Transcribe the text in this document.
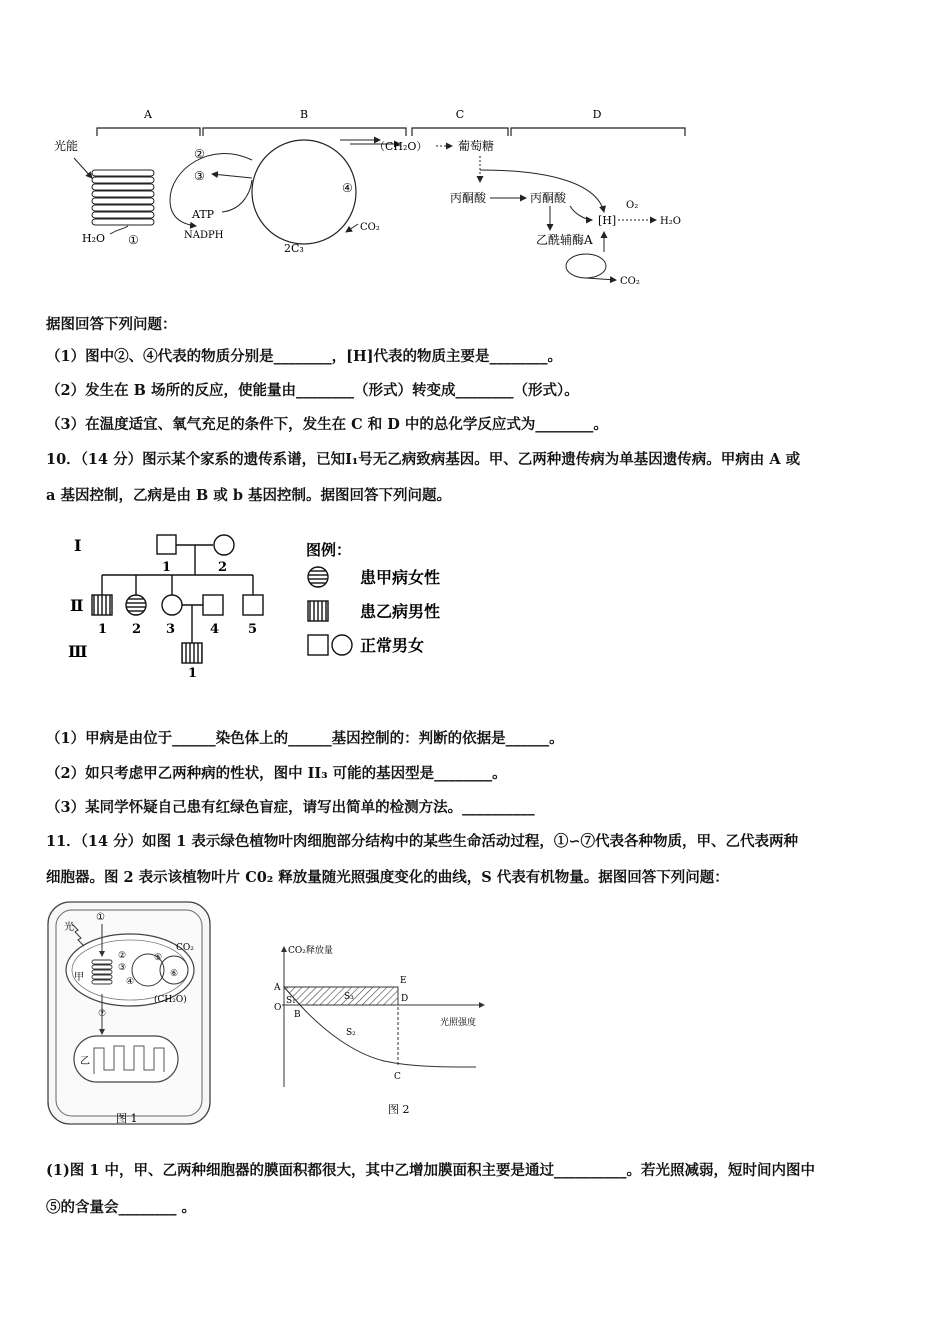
A	B	C	D
光能
H₂O ①
②
③
ATP
NADPH
④
CO₂
2C₃
（CH₂O）	葡萄糖
丙酮酸	丙酮酸
[H]
O₂
H₂O
乙酰辅酶A
CO₂
据图回答下列问题：
（1）图中②、④代表的物质分别是________，[H]代表的物质主要是________。
（2）发生在 B 场所的反应，使能量由________（形式）转变成________（形式）。
（3）在温度适宜、氧气充足的条件下，发生在 C 和 D 中的总化学反应式为________。
10．（14 分）图示某个家系的遗传系谱，已知Ⅰ₁号无乙病致病基因。甲、乙两种遗传病为单基因遗传病。甲病由 A 或
a 基因控制，乙病是由 B 或 b 基因控制。据图回答下列问题。
Ⅰ
Ⅱ
Ⅲ
1	2
1 2 3	4 5
1
图例：
患甲病女性
患乙病男性
正常男女
（1）甲病是由位于______染色体上的______基因控制的：判断的依据是______。
（2）如只考虑甲乙两种病的性状，图中 II₃ 可能的基因型是________。
（3）某同学怀疑自己患有红绿色盲症，请写出简单的检测方法。__________
11．（14 分）如图 1 表示绿色植物叶肉细胞部分结构中的某些生命活动过程，①∽⑦代表各种物质，甲、乙代表两种
细胞器。图 2 表示该植物叶片 C0₂ 释放量随光照强度变化的曲线，S 代表有机物量。据图回答下列问题：
光
甲
①
②
③
④
⑤
⑥
CO₂
(CH₂O)
⑦
乙
图 1
CO₂释放量
光照强度
A
O
B
E
D
C
S₁
S₂
S₃
图 2
(1)图 1 中，甲、乙两种细胞器的膜面积都很大，其中乙增加膜面积主要是通过__________。若光照减弱，短时间内图中
⑤的含量会________ 。
